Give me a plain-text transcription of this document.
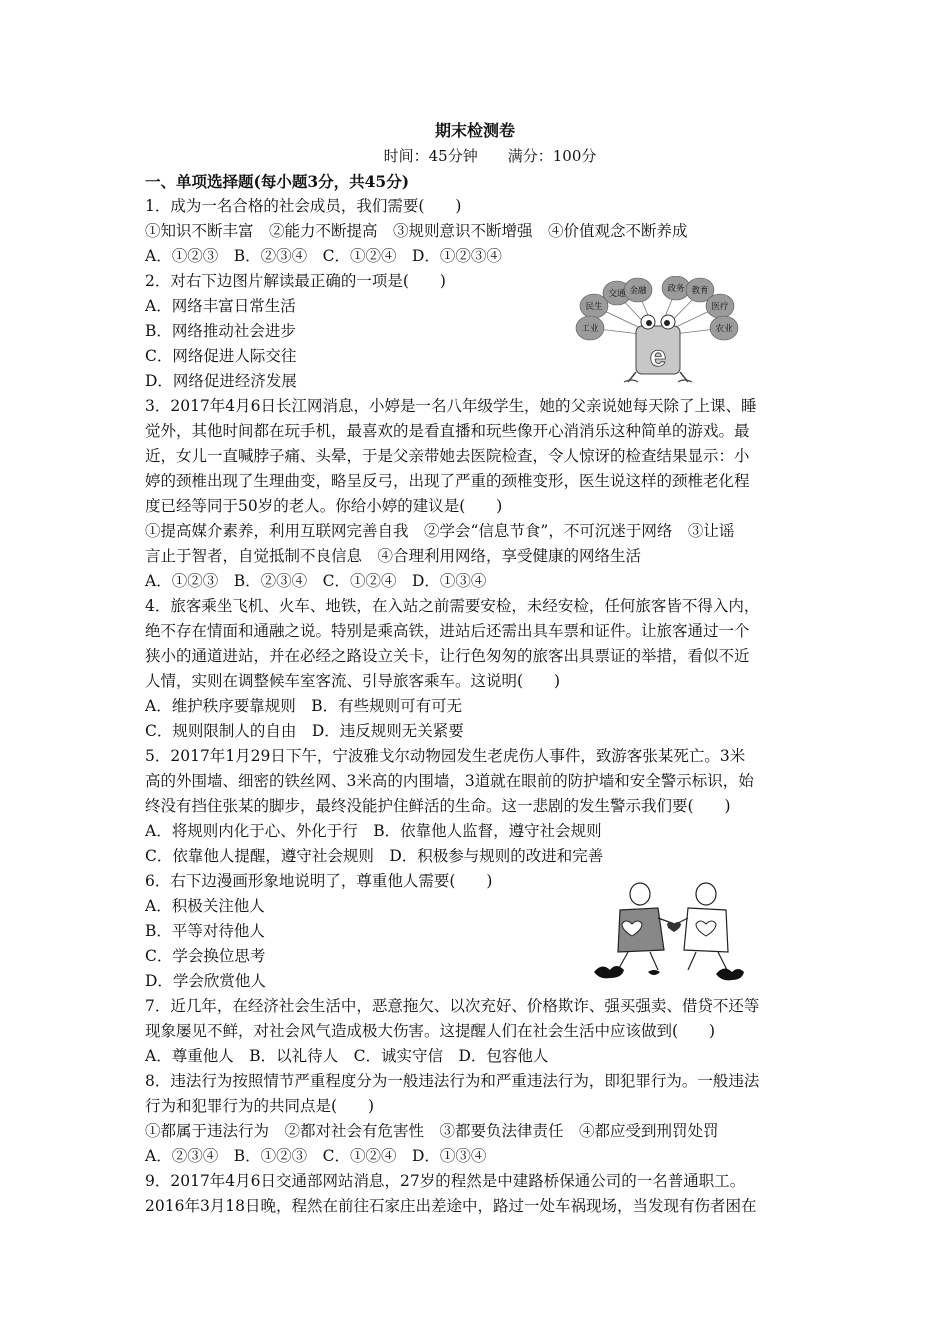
期末检测卷
时间：45分钟　　满分：100分
一、单项选择题(每小题3分，共45分)
1．成为一名合格的社会成员，我们需要(　　)
①知识不断丰富　②能力不断提高　③规则意识不断增强　④价值观念不断养成
A．①②③　B．②③④　C．①②④　D．①②③④
2．对右下边图片解读最正确的一项是(　　)
A．网络丰富日常生活
B．网络推动社会进步
C．网络促进人际交往
D．网络促进经济发展
3．2017年4月6日长江网消息，小婷是一名八年级学生，她的父亲说她每天除了上课、睡
觉外，其他时间都在玩手机，最喜欢的是看直播和玩些像开心消消乐这种简单的游戏。最
近，女儿一直喊脖子痛、头晕，于是父亲带她去医院检查，令人惊讶的检查结果显示：小
婷的颈椎出现了生理曲变，略呈反弓，出现了严重的颈椎变形，医生说这样的颈椎老化程
度已经等同于50岁的老人。你给小婷的建议是(　　)
①提高媒介素养，利用互联网完善自我　②学会“信息节食”，不可沉迷于网络　③让谣
言止于智者，自觉抵制不良信息　④合理利用网络，享受健康的网络生活
A．①②③　B．②③④　C．①②④　D．①③④
4．旅客乘坐飞机、火车、地铁，在入站之前需要安检，未经安检，任何旅客皆不得入内，
绝不存在情面和通融之说。特别是乘高铁，进站后还需出具车票和证件。让旅客通过一个
狭小的通道进站，并在必经之路设立关卡，让行色匆匆的旅客出具票证的举措，看似不近
人情，实则在调整候车室客流、引导旅客乘车。这说明(　　)
A．维护秩序要靠规则　B．有些规则可有可无
C．规则限制人的自由　D．违反规则无关紧要
5．2017年1月29日下午，宁波雅戈尔动物园发生老虎伤人事件，致游客张某死亡。3米
高的外围墙、细密的铁丝网、3米高的内围墙，3道就在眼前的防护墙和安全警示标识，始
终没有挡住张某的脚步，最终没能护住鲜活的生命。这一悲剧的发生警示我们要(　　)
A．将规则内化于心、外化于行　B．依靠他人监督，遵守社会规则
C．依靠他人提醒，遵守社会规则　D．积极参与规则的改进和完善
6．右下边漫画形象地说明了，尊重他人需要(　　)
A．积极关注他人
B．平等对待他人
C．学会换位思考
D．学会欣赏他人
7．近几年，在经济社会生活中，恶意拖欠、以次充好、价格欺诈、强买强卖、借贷不还等
现象屡见不鲜，对社会风气造成极大伤害。这提醒人们在社会生活中应该做到(　　)
A．尊重他人　B．以礼待人　C．诚实守信　D．包容他人
8．违法行为按照情节严重程度分为一般违法行为和严重违法行为，即犯罪行为。一般违法
行为和犯罪行为的共同点是(　　)
①都属于违法行为　②都对社会有危害性　③都要负法律责任　④都应受到刑罚处罚
A．②③④　B．①②③　C．①②④　D．①③④
9．2017年4月6日交通部网站消息，27岁的程然是中建路桥保通公司的一名普通职工。
2016年3月18日晚，程然在前往石家庄出差途中，路过一处车祸现场，当发现有伤者困在
交通 金融 政务 教育
民生	医疗
工业	农业
e
